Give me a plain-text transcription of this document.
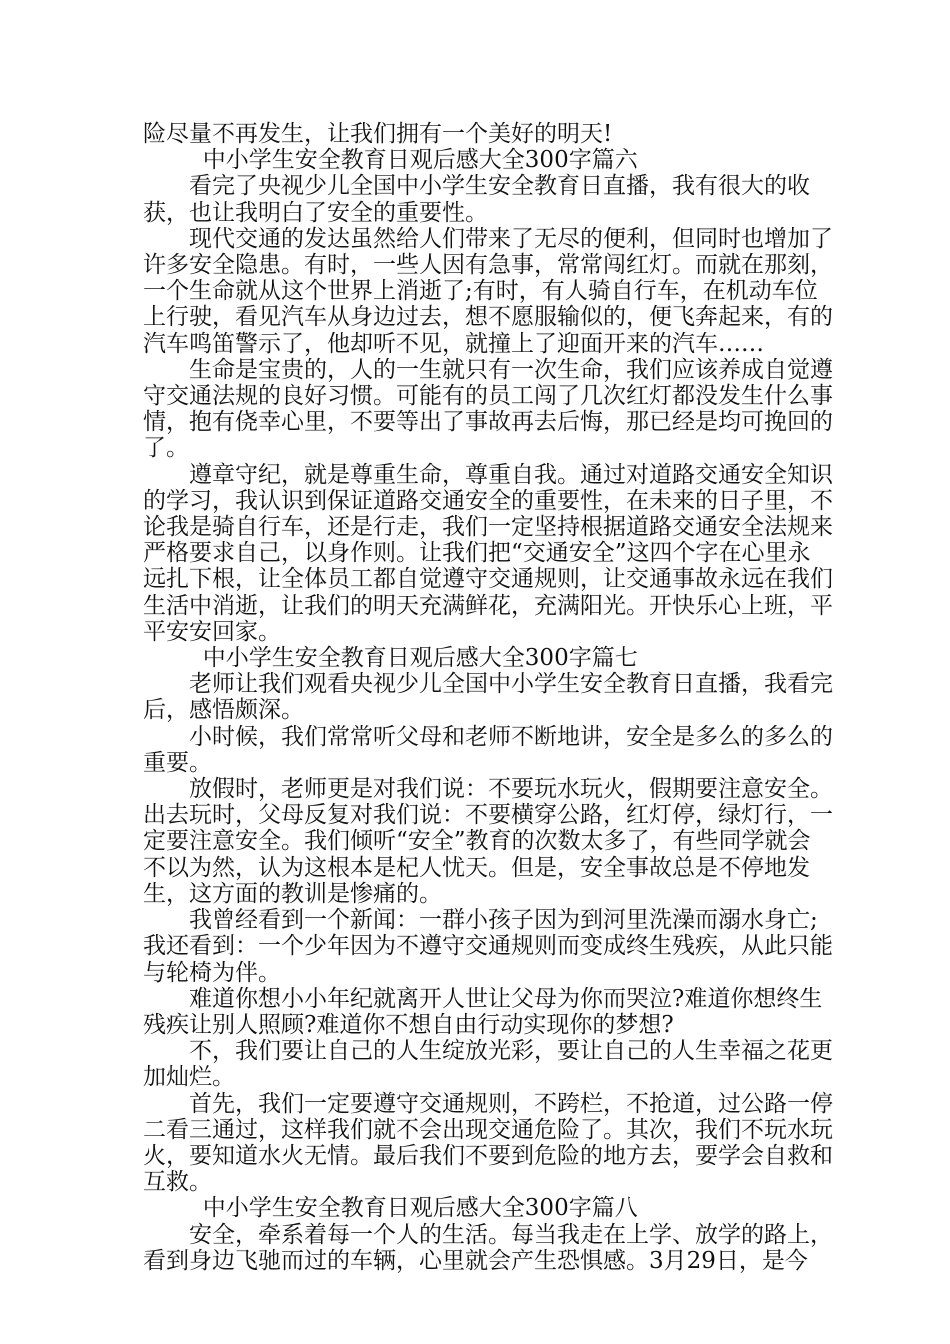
险尽量不再发生，让我们拥有一个美好的明天!

中小学生安全教育日观后感大全300字篇六

看完了央视少儿全国中小学生安全教育日直播，我有很大的收获，也让我明白了安全的重要性。

现代交通的发达虽然给人们带来了无尽的便利，但同时也增加了许多安全隐患。有时，一些人因有急事，常常闯红灯。而就在那刻，一个生命就从这个世界上消逝了;有时，有人骑自行车，在机动车位上行驶，看见汽车从身边过去，想不愿服输似的，便飞奔起来，有的汽车鸣笛警示了，他却听不见，就撞上了迎面开来的汽车……

生命是宝贵的，人的一生就只有一次生命，我们应该养成自觉遵守交通法规的良好习惯。可能有的员工闯了几次红灯都没发生什么事情，抱有侥幸心里，不要等出了事故再去后悔，那已经是均可挽回的了。

遵章守纪，就是尊重生命，尊重自我。通过对道路交通安全知识的学习，我认识到保证道路交通安全的重要性，在未来的日子里，不论我是骑自行车，还是行走，我们一定坚持根据道路交通安全法规来严格要求自己，以身作则。让我们把“交通安全”这四个字在心里永远扎下根，让全体员工都自觉遵守交通规则，让交通事故永远在我们生活中消逝，让我们的明天充满鲜花，充满阳光。开快乐心上班，平平安安回家。

中小学生安全教育日观后感大全300字篇七

老师让我们观看央视少儿全国中小学生安全教育日直播，我看完后，感悟颇深。

小时候，我们常常听父母和老师不断地讲，安全是多么的多么的重要。

放假时，老师更是对我们说：不要玩水玩火，假期要注意安全。出去玩时，父母反复对我们说：不要横穿公路，红灯停，绿灯行，一定要注意安全。我们倾听“安全”教育的次数太多了，有些同学就会不以为然，认为这根本是杞人忧天。但是，安全事故总是不停地发生，这方面的教训是惨痛的。

我曾经看到一个新闻：一群小孩子因为到河里洗澡而溺水身亡;我还看到：一个少年因为不遵守交通规则而变成终生残疾，从此只能与轮椅为伴。

难道你想小小年纪就离开人世让父母为你而哭泣?难道你想终生残疾让别人照顾?难道你不想自由行动实现你的梦想?

不，我们要让自己的人生绽放光彩，要让自己的人生幸福之花更加灿烂。

首先，我们一定要遵守交通规则，不跨栏，不抢道，过公路一停二看三通过，这样我们就不会出现交通危险了。其次，我们不玩水玩火，要知道水火无情。最后我们不要到危险的地方去，要学会自救和互救。

中小学生安全教育日观后感大全300字篇八

安全，牵系着每一个人的生活。每当我走在上学、放学的路上，看到身边飞驰而过的车辆，心里就会产生恐惧感。3月29日，是今
